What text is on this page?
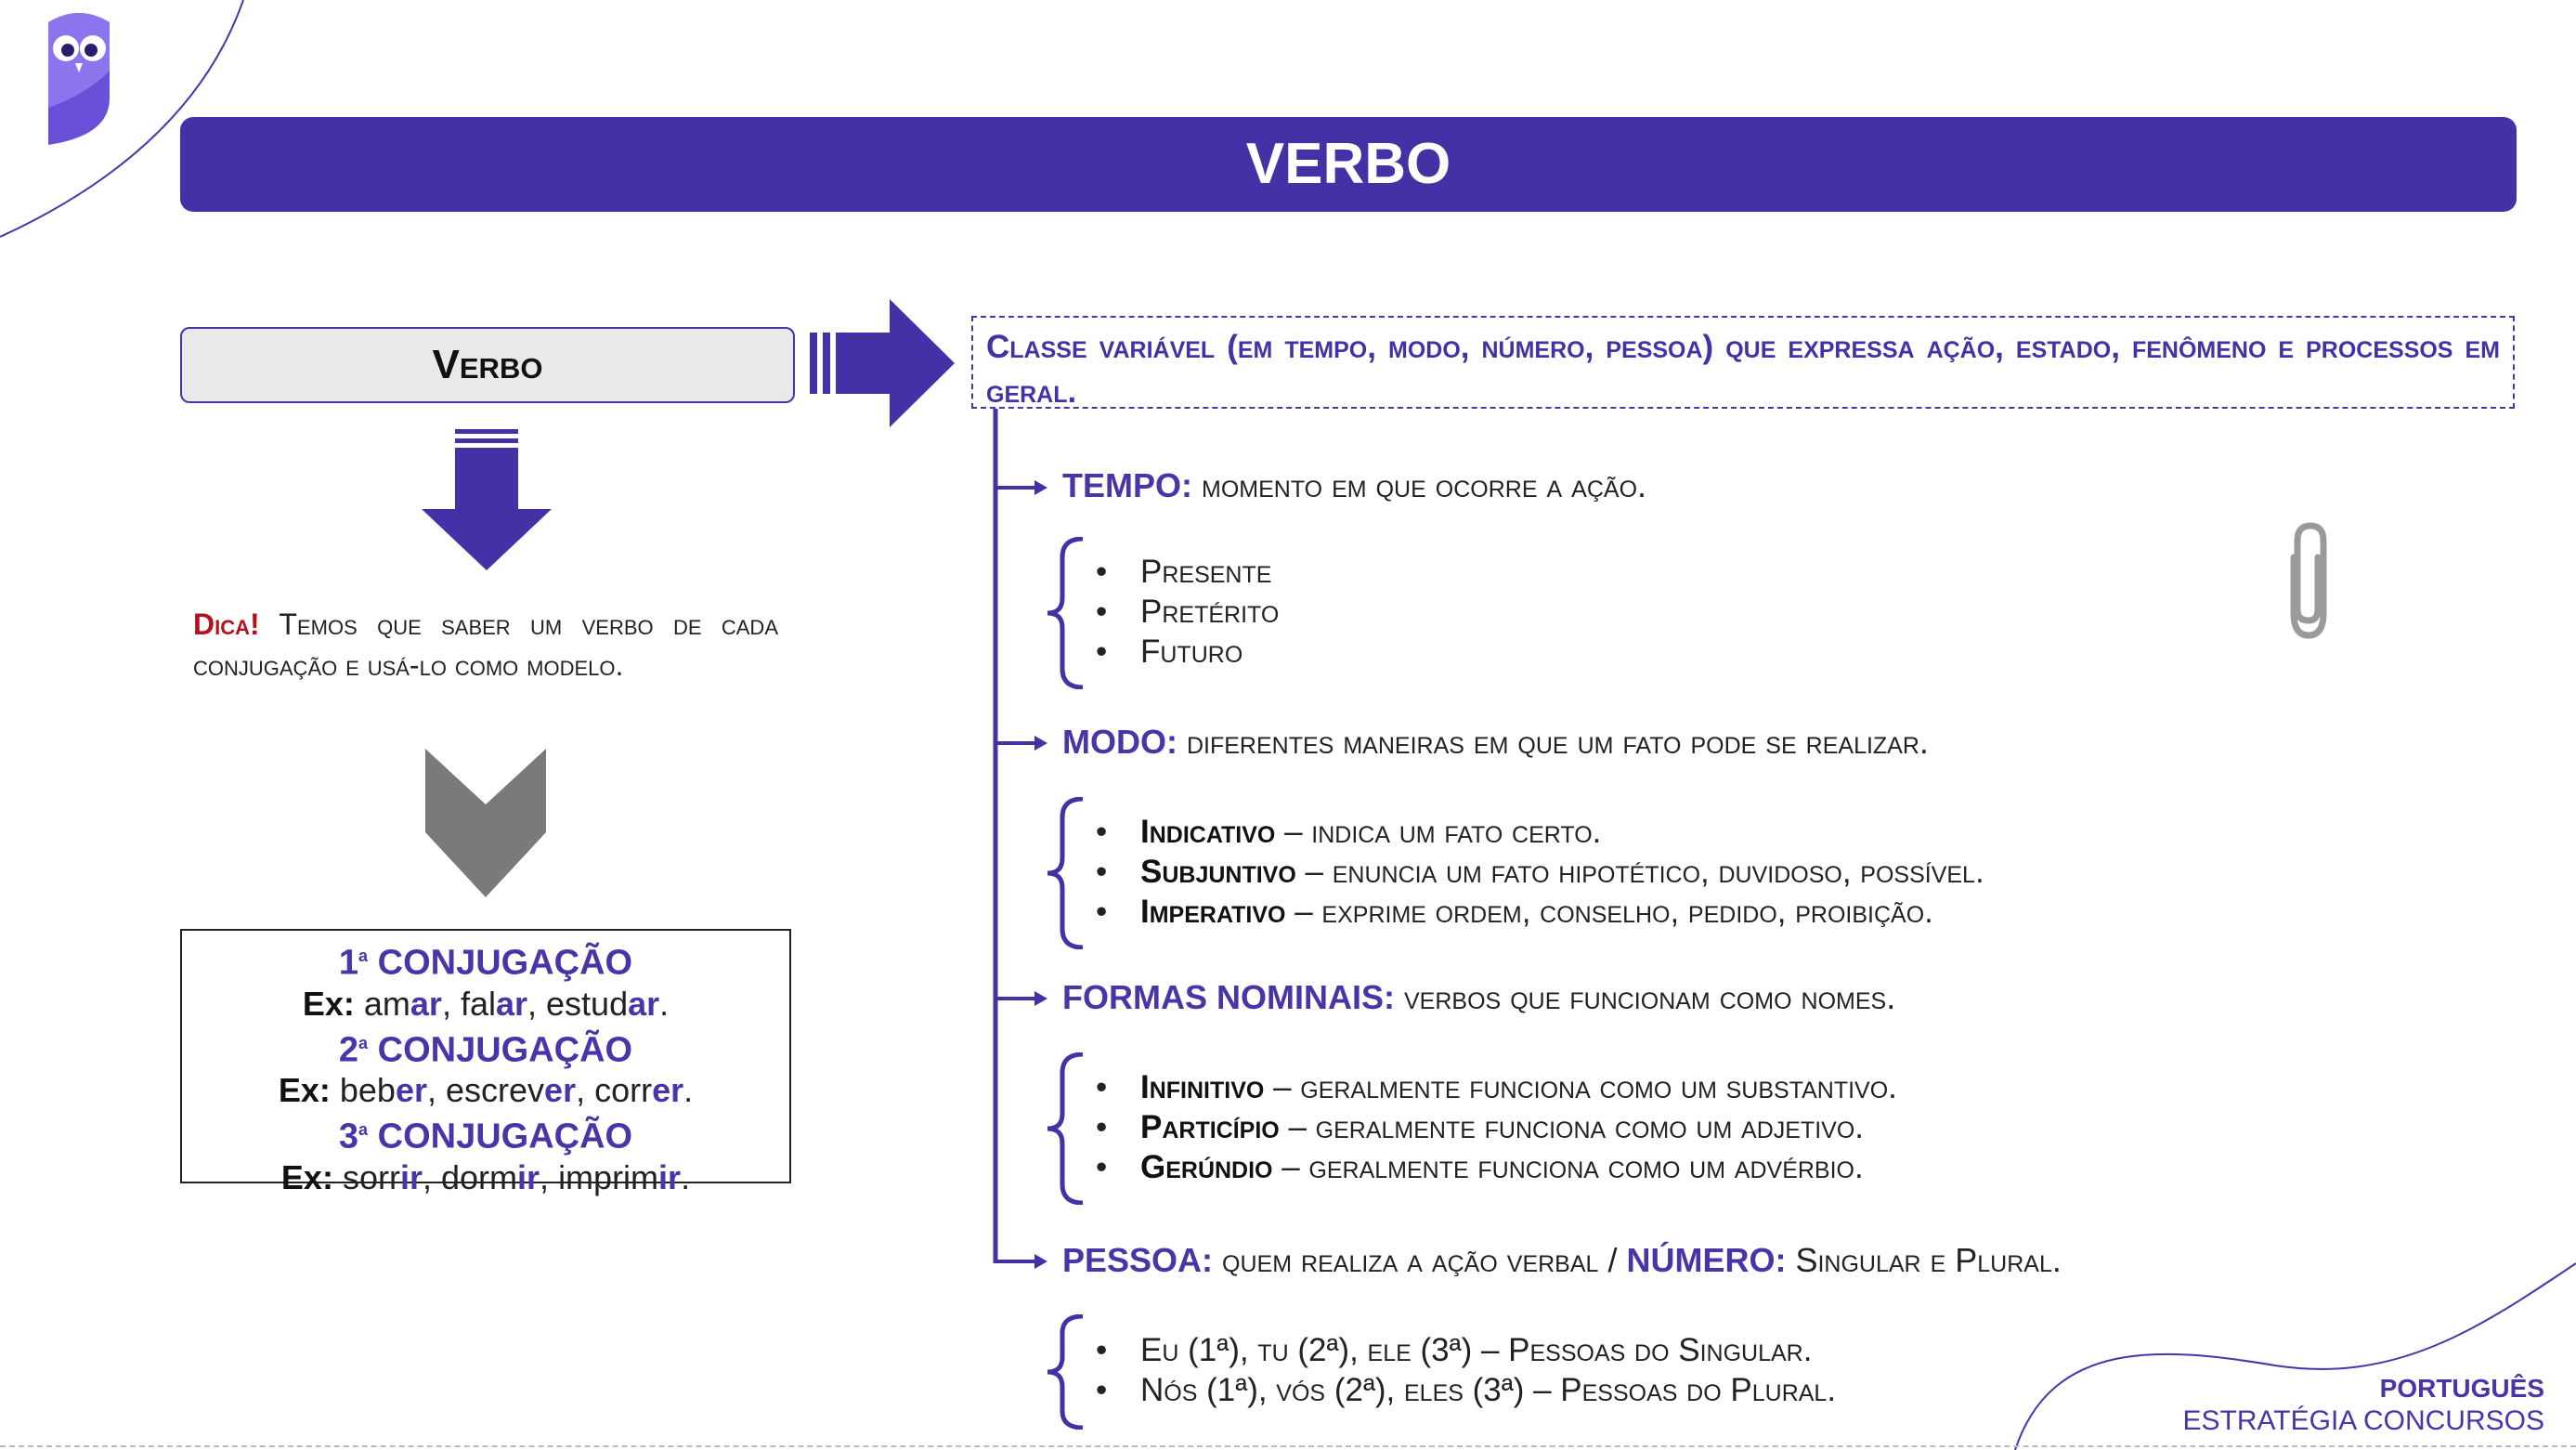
VERBO
Verbo
Dica! Temos que saber um verbo de cada conjugação e usá-lo como modelo.
1$^a$ CONJUGAÇÃO
Ex: amar, falar, estudar.
2$^a$ CONJUGAÇÃO
Ex: beber, escrever, correr.
3$^a$ CONJUGAÇÃO
Ex: sorrir, dormir, imprimir.
Classe variável (em tempo, modo, número, pessoa) que expressa ação, estado, fenômeno e processos em geral.
TEMPO: momento em que ocorre a ação.
• Presente
• Pretérito
• Futuro
MODO: diferentes maneiras em que um fato pode se realizar.
• Indicativo – indica um fato certo.
• Subjuntivo – enuncia um fato hipotético, duvidoso, possível.
• Imperativo – exprime ordem, conselho, pedido, proibição.
FORMAS NOMINAIS: verbos que funcionam como nomes.
• Infinitivo – geralmente funciona como um substantivo.
• Particípio – geralmente funciona como um adjetivo.
• Gerúndio – geralmente funciona como um advérbio.
PESSOA: quem realiza a ação verbal / NÚMERO: Singular e Plural.
• Eu (1ª), tu (2ª), ele (3ª) – Pessoas do Singular.
• Nós (1ª), vós (2ª), eles (3ª) – Pessoas do Plural.	PORTUGUÊS
ESTRATÉGIA CONCURSOS
